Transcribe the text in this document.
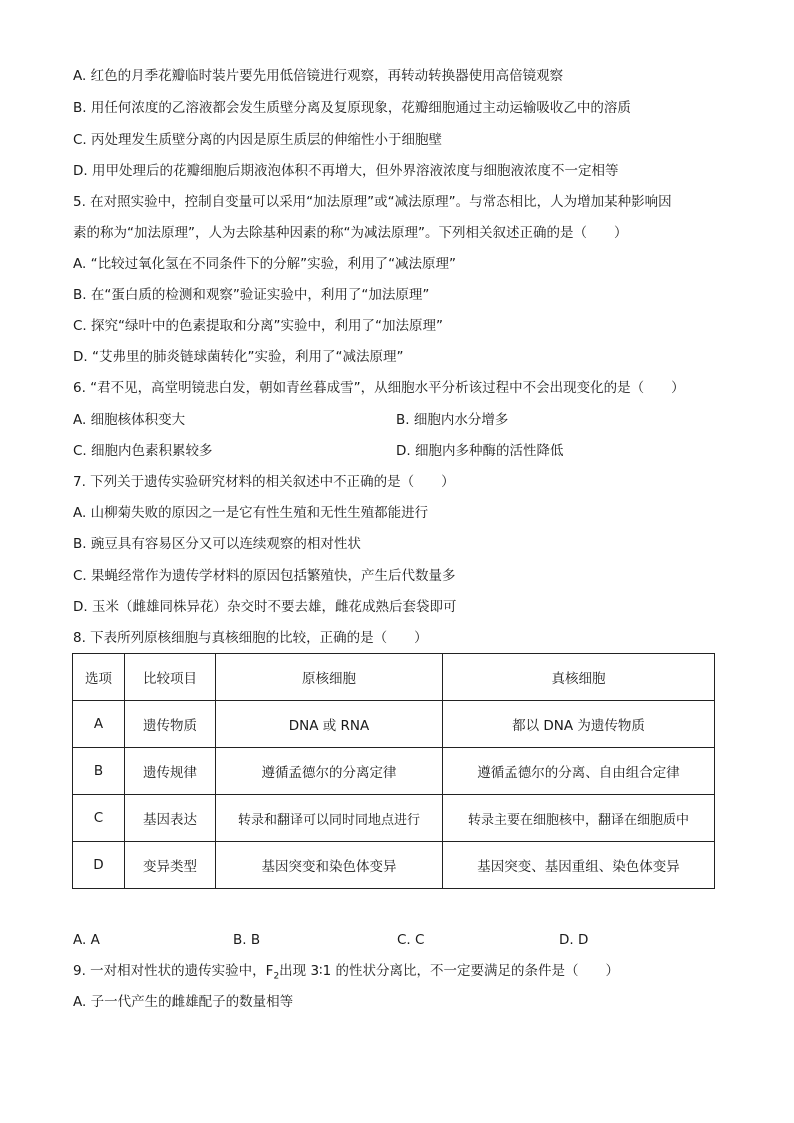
A. 红色的月季花瓣临时装片要先用低倍镜进行观察，再转动转换器使用高倍镜观察
B. 用任何浓度的乙溶液都会发生质壁分离及复原现象，花瓣细胞通过主动运输吸收乙中的溶质
C. 丙处理发生质壁分离的内因是原生质层的伸缩性小于细胞壁
D. 用甲处理后的花瓣细胞后期液泡体积不再增大，但外界溶液浓度与细胞液浓度不一定相等
5. 在对照实验中，控制自变量可以采用“加法原理”或“减法原理”。与常态相比，人为增加某种影响因
素的称为“加法原理”，人为去除基种因素的称“为减法原理”。下列相关叙述正确的是（　　）
A. “比较过氧化氢在不同条件下的分解”实验，利用了“减法原理”
B. 在“蛋白质的检测和观察”验证实验中，利用了“加法原理”
C. 探究“绿叶中的色素提取和分离”实验中，利用了“加法原理”
D. “艾弗里的肺炎链球菌转化”实验，利用了“减法原理”
6. “君不见，高堂明镜悲白发，朝如青丝暮成雪”，从细胞水平分析该过程中不会出现变化的是（　　）
A. 细胞核体积变大	B. 细胞内水分增多
C. 细胞内色素积累较多	D. 细胞内多种酶的活性降低
7. 下列关于遗传实验研究材料的相关叙述中不正确的是（　　）
A. 山柳菊失败的原因之一是它有性生殖和无性生殖都能进行
B. 豌豆具有容易区分又可以连续观察的相对性状
C. 果蝇经常作为遗传学材料的原因包括繁殖快，产生后代数量多
D. 玉米（雌雄同株异花）杂交时不要去雄，雌花成熟后套袋即可
8. 下表所列原核细胞与真核细胞的比较，正确的是（　　）
选项	比较项目	原核细胞	真核细胞
A	遗传物质	DNA 或 RNA	都以 DNA 为遗传物质
B	遗传规律	遵循孟德尔的分离定律	遵循孟德尔的分离、自由组合定律
C	基因表达	转录和翻译可以同时同地点进行	转录主要在细胞核中，翻译在细胞质中
D	变异类型	基因突变和染色体变异	基因突变、基因重组、染色体变异
A. A	B. B	C. C	D. D
9. 一对相对性状的遗传实验中，$F_2$出现 3∶1 的性状分离比，不一定要满足的条件是（　　）
A. 子一代产生的雌雄配子的数量相等
